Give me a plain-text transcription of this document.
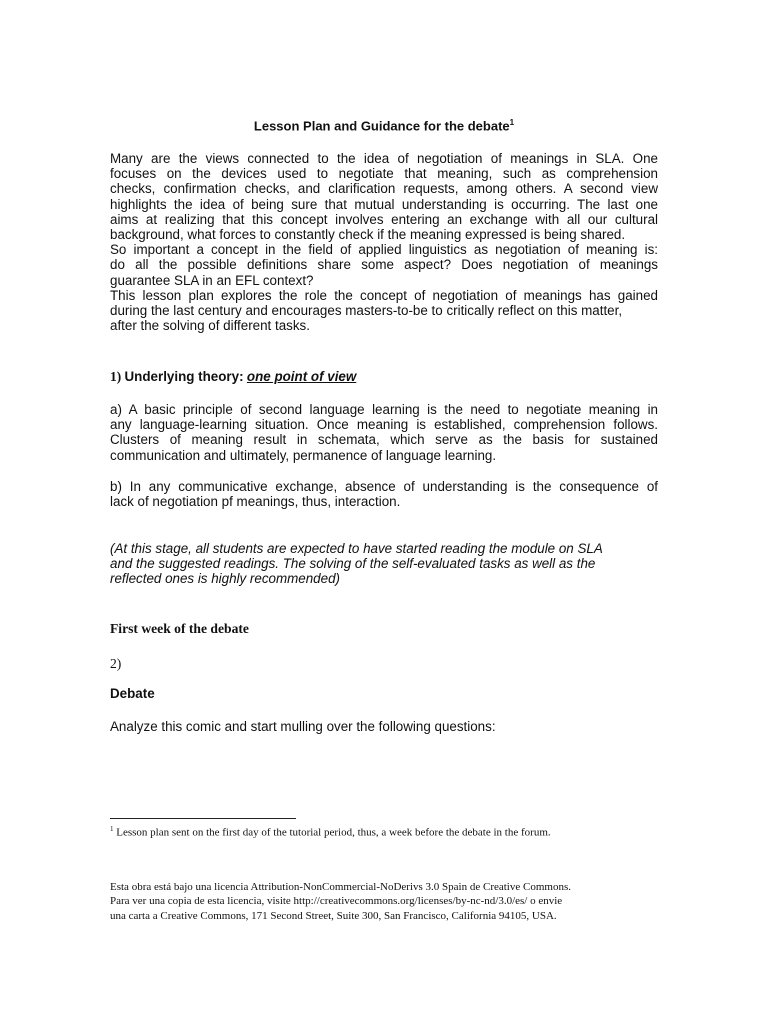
Lesson Plan and Guidance for the debate$^1$
Many are the views connected to the idea of negotiation of meanings in SLA. One
focuses on the devices used to negotiate that meaning, such as comprehension
checks, confirmation checks, and clarification requests, among others. A second view
highlights the idea of being sure that mutual understanding is occurring. The last one
aims at realizing that this concept involves entering an exchange with all our cultural
background, what forces to constantly check if the meaning expressed is being shared.
So important a concept in the field of applied linguistics as negotiation of meaning is:
do all the possible definitions share some aspect? Does negotiation of meanings
guarantee SLA in an EFL context?
This lesson plan explores the role the concept of negotiation of meanings has gained
during the last century and encourages masters-to-be to critically reflect on this matter,
after the solving of different tasks.
1) Underlying theory: one point of view
a) A basic principle of second language learning is the need to negotiate meaning in
any language-learning situation. Once meaning is established, comprehension follows.
Clusters of meaning result in schemata, which serve as the basis for sustained
communication and ultimately, permanence of language learning.
b) In any communicative exchange, absence of understanding is the consequence of
lack of negotiation pf meanings, thus, interaction.
(At this stage, all students are expected to have started reading the module on SLA
and the suggested readings. The solving of the self-evaluated tasks as well as the
reflected ones is highly recommended)
First week of the debate
2)
Debate
Analyze this comic and start mulling over the following questions:
$^1$ Lesson plan sent on the first day of the tutorial period, thus, a week before the debate in the forum.
Esta obra está bajo una licencia Attribution-NonCommercial-NoDerivs 3.0 Spain de Creative Commons.
Para ver una copia de esta licencia, visite http://creativecommons.org/licenses/by-nc-nd/3.0/es/ o envie
una carta a Creative Commons, 171 Second Street, Suite 300, San Francisco, California 94105, USA.
